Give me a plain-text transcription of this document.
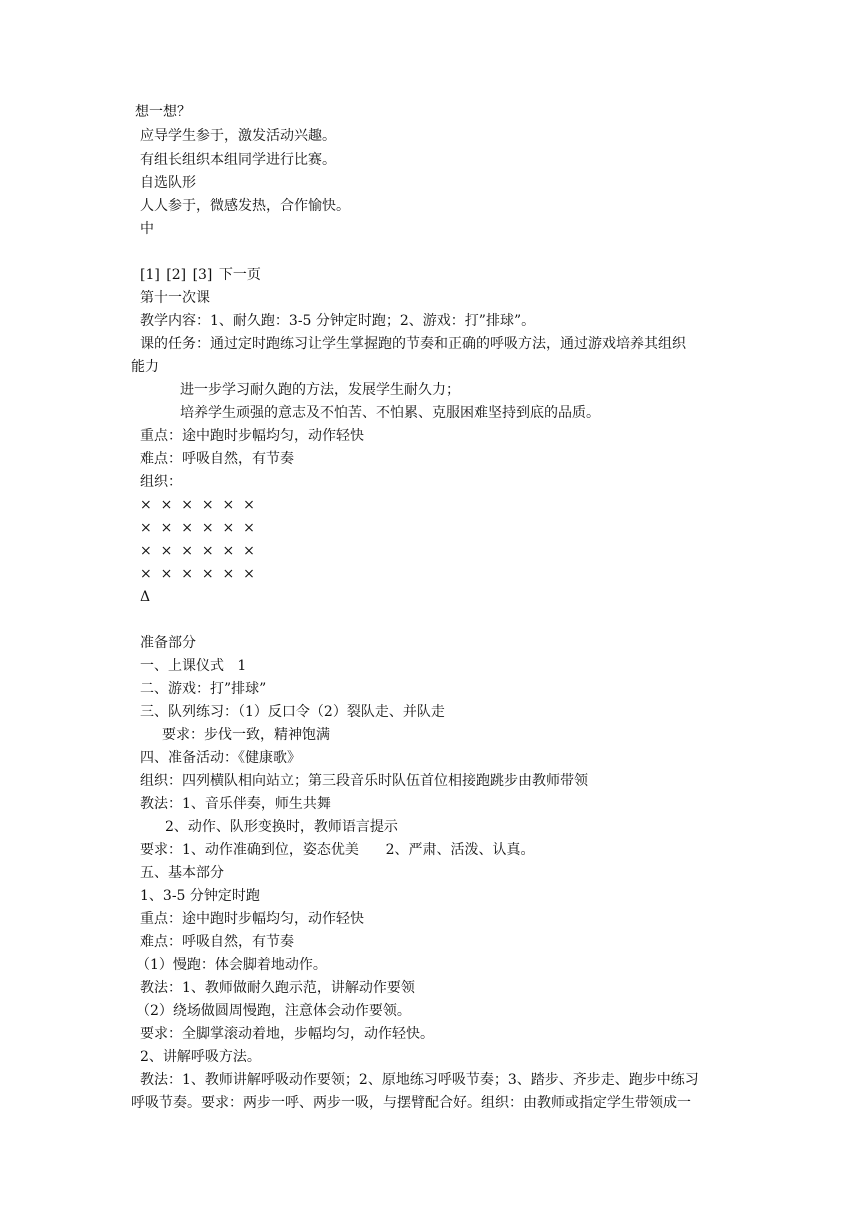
想一想？
应导学生参于，激发活动兴趣。
有组长组织本组同学进行比赛。
自选队形
人人参于，微感发热，合作愉快。
中
[1] [2] [3] 下一页
第十一次课
教学内容：1、耐久跑：3-5 分钟定时跑；2、游戏：打”排球”。
课的任务：通过定时跑练习让学生掌握跑的节奏和正确的呼吸方法，通过游戏培养其组织
能力
进一步学习耐久跑的方法，发展学生耐久力；
培养学生顽强的意志及不怕苦、不怕累、克服困难坚持到底的品质。
重点：途中跑时步幅均匀，动作轻快
难点：呼吸自然，有节奏
组织：
×  ×  ×  ×  ×  ×
×  ×  ×  ×  ×  ×
×  ×  ×  ×  ×  ×
×  ×  ×  ×  ×  ×
Δ
准备部分
一、上课仪式   1
二、游戏：打”排球”
三、队列练习：（1）反口令（2）裂队走、并队走
要求：步伐一致，精神饱满
四、准备活动：《健康歌》
组织：四列横队相向站立；第三段音乐时队伍首位相接跑跳步由教师带领
教法：1、音乐伴奏，师生共舞
2、动作、队形变换时，教师语言提示
要求：1、动作准确到位，姿态优美      2、严肃、活泼、认真。
五、基本部分
1、3-5 分钟定时跑
重点：途中跑时步幅均匀，动作轻快
难点：呼吸自然，有节奏
（1）慢跑：体会脚着地动作。
教法：1、教师做耐久跑示范，讲解动作要领
（2）绕场做圆周慢跑，注意体会动作要领。
要求：全脚掌滚动着地，步幅均匀，动作轻快。
2、讲解呼吸方法。
教法：1、教师讲解呼吸动作要领；2、原地练习呼吸节奏；3、踏步、齐步走、跑步中练习
呼吸节奏。要求：两步一呼、两步一吸，与摆臂配合好。组织：由教师或指定学生带领成一
